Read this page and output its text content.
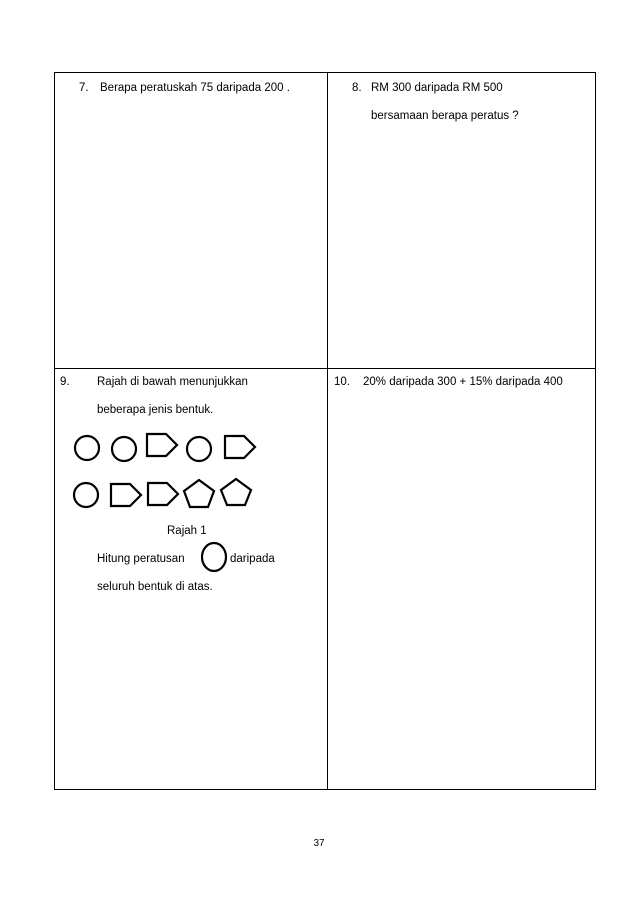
7. Berapa peratuskah 75 daripada 200 .	8. RM 300 daripada RM 500
bersamaan berapa peratus ?
9. Rajah di bawah menunjukkan
beberapa jenis bentuk.
Rajah 1
Hitung peratusan	daripada
seluruh bentuk di atas.
10. 20% daripada 300 + 15% daripada 400
37
